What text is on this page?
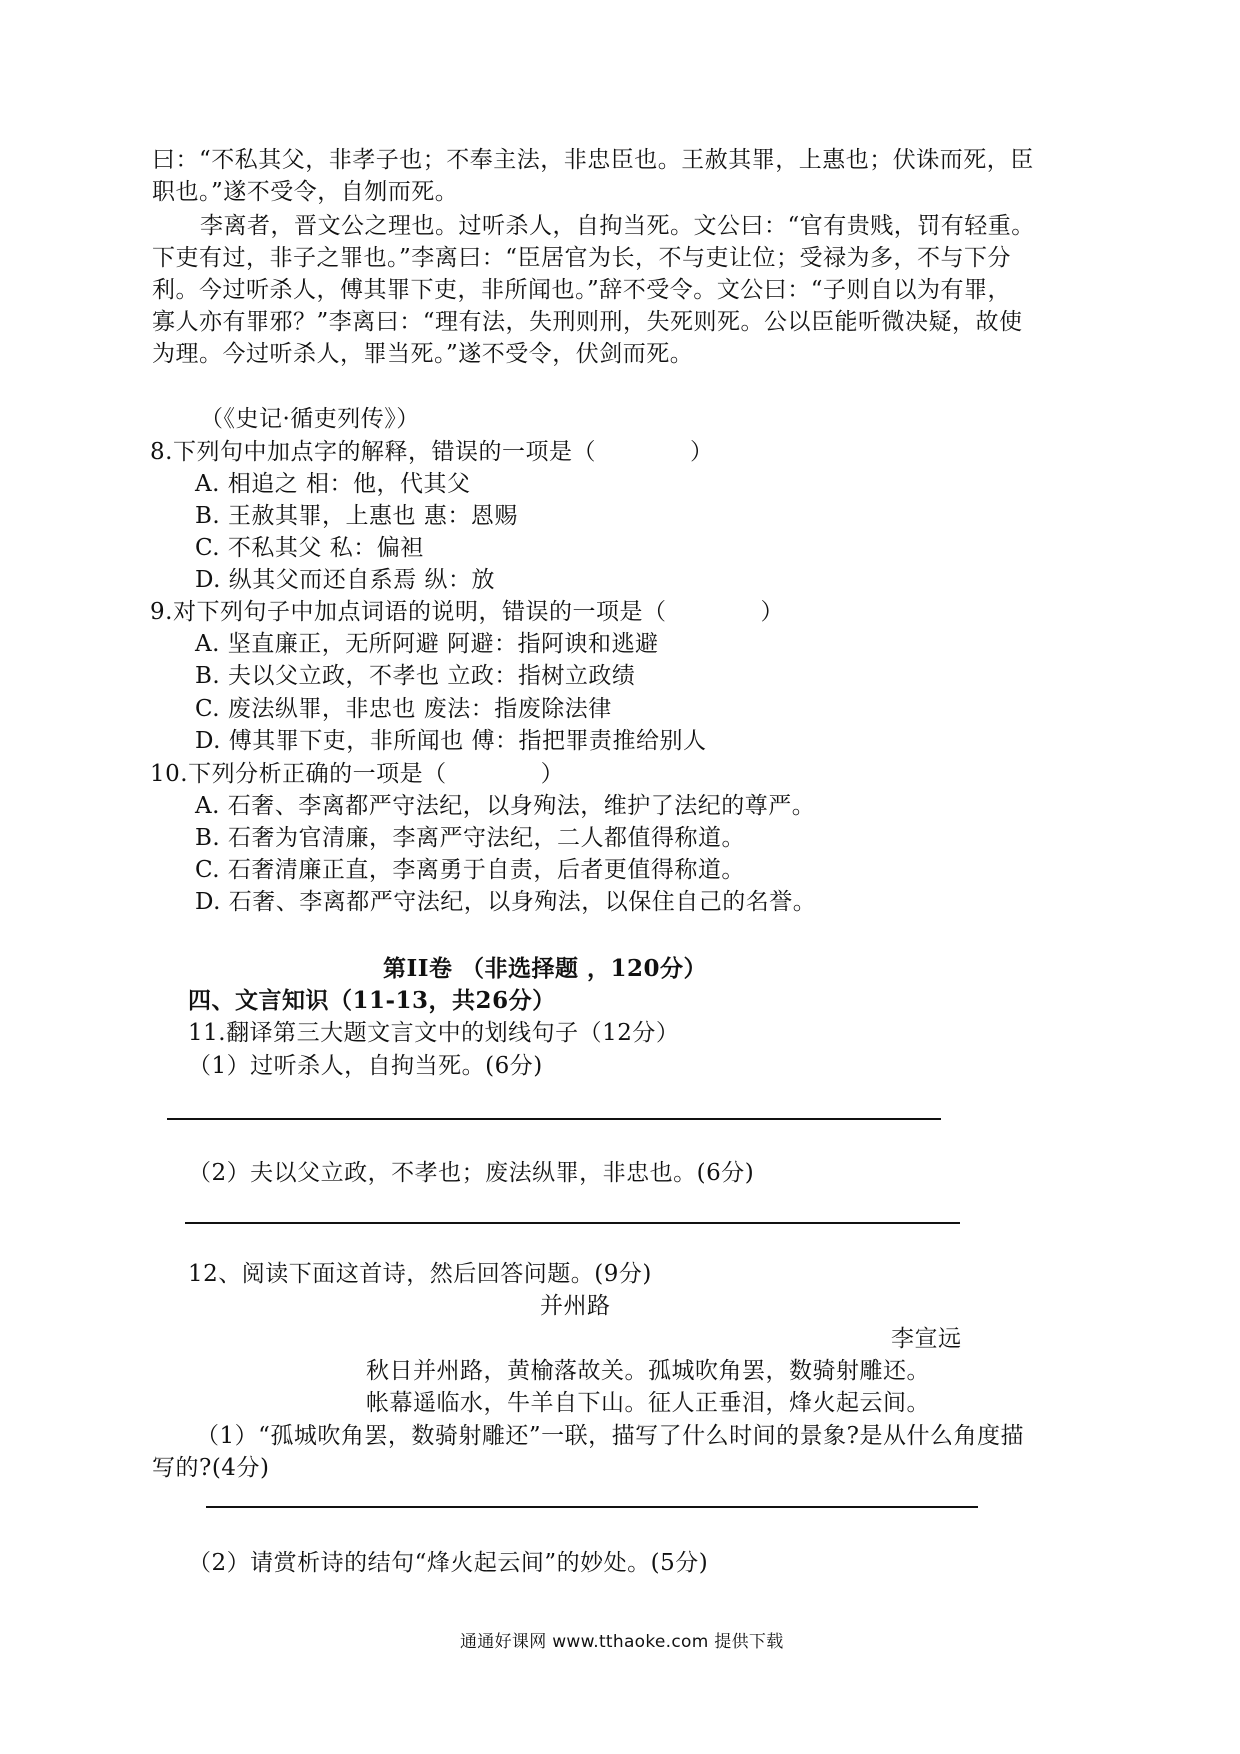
曰：“不私其父，非孝子也；不奉主法，非忠臣也。王赦其罪，上惠也；伏诛而死，臣
职也。”遂不受令，自刎而死。
李离者，晋文公之理也。过听杀人，自拘当死。文公曰：“官有贵贱，罚有轻重。
下吏有过，非子之罪也。”李离曰：“臣居官为长，不与吏让位；受禄为多，不与下分
利。今过听杀人，傅其罪下吏，非所闻也。”辞不受令。文公曰：“子则自以为有罪，
寡人亦有罪邪？”李离曰：“理有法，失刑则刑，失死则死。公以臣能听微决疑，故使
为理。今过听杀人，罪当死。”遂不受令，伏剑而死。
（《史记·循吏列传》）
8.下列句中加点字的解释，错误的一项是（　　　　）
A. 相追之 相：他，代其父
B. 王赦其罪，上惠也 惠：恩赐
C. 不私其父 私：偏袒
D. 纵其父而还自系焉 纵：放
9.对下列句子中加点词语的说明，错误的一项是（　　　　）
A. 坚直廉正，无所阿避 阿避：指阿谀和逃避
B. 夫以父立政，不孝也 立政：指树立政绩
C. 废法纵罪，非忠也 废法：指废除法律
D. 傅其罪下吏，非所闻也 傅：指把罪责推给别人
10.下列分析正确的一项是（　　　　）
A. 石奢、李离都严守法纪，以身殉法，维护了法纪的尊严。
B. 石奢为官清廉，李离严守法纪，二人都值得称道。
C. 石奢清廉正直，李离勇于自责，后者更值得称道。
D. 石奢、李离都严守法纪，以身殉法，以保住自己的名誉。
第II卷 （非选择题 ，120分）
四、文言知识（11-13，共26分）
11.翻译第三大题文言文中的划线句子（12分）
（1）过听杀人，自拘当死。(6分)
（2）夫以父立政，不孝也；废法纵罪，非忠也。(6分)
12、阅读下面这首诗，然后回答问题。(9分)
并州路
李宣远
秋日并州路，黄榆落故关。孤城吹角罢，数骑射雕还。
帐幕遥临水，牛羊自下山。征人正垂泪，烽火起云间。
（1）“孤城吹角罢，数骑射雕还”一联，描写了什么时间的景象?是从什么角度描
写的?(4分)
（2）请赏析诗的结句“烽火起云间”的妙处。(5分)
通通好课网 www.tthaoke.com 提供下载
